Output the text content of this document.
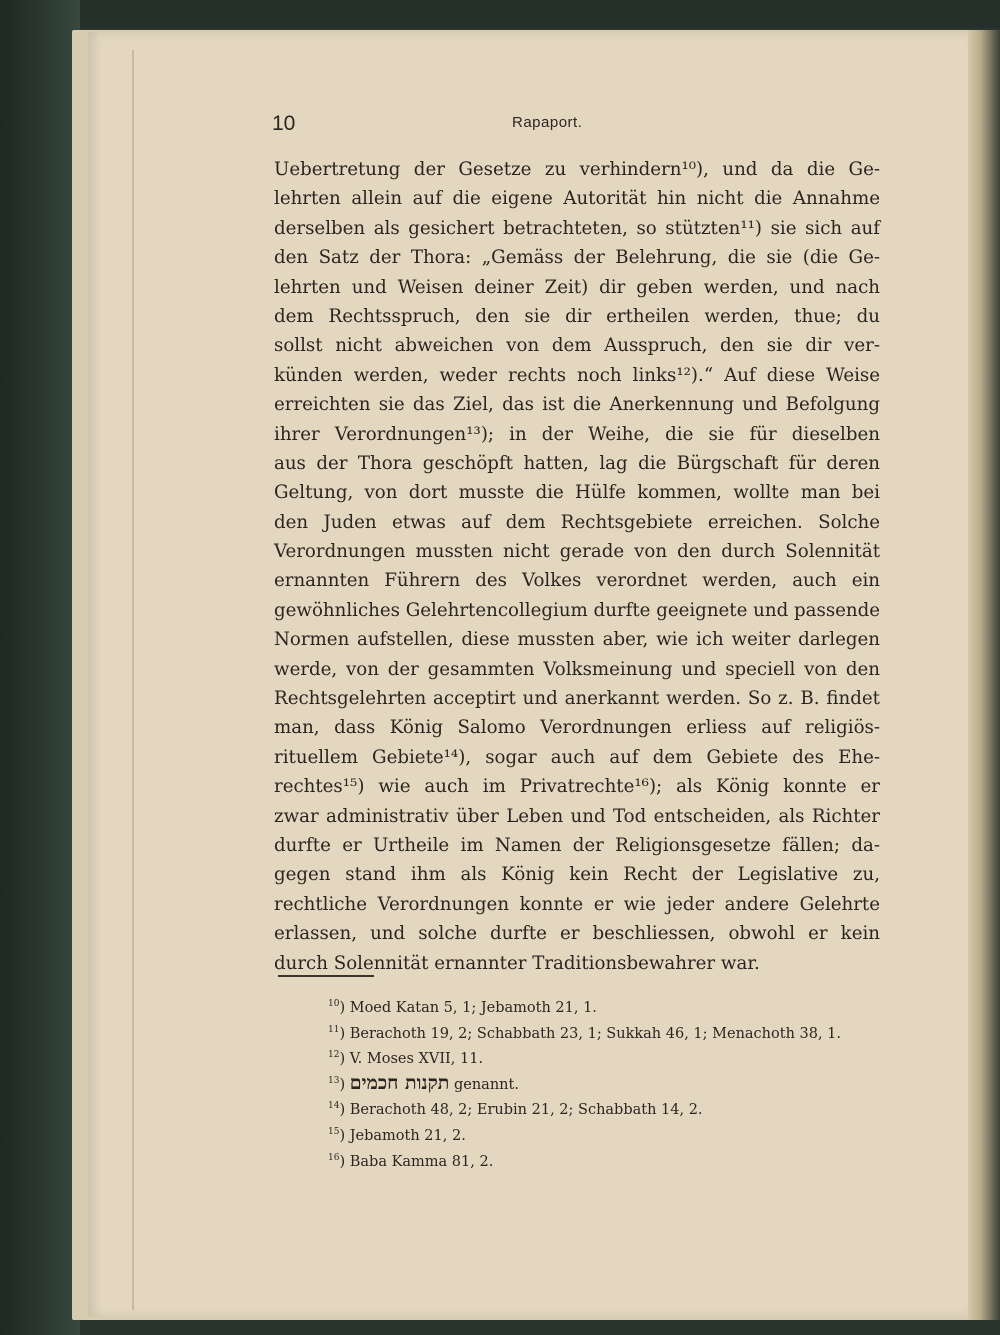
10	Rapaport.
Uebertretung der Gesetze zu verhindern¹⁰), und da die Ge-
lehrten allein auf die eigene Autorität hin nicht die Annahme
derselben als gesichert betrachteten, so stützten¹¹) sie sich auf
den Satz der Thora: „Gemäss der Belehrung, die sie (die Ge-
lehrten und Weisen deiner Zeit) dir geben werden, und nach
dem Rechtsspruch, den sie dir ertheilen werden, thue; du
sollst nicht abweichen von dem Ausspruch, den sie dir ver-
künden werden, weder rechts noch links¹²).“ Auf diese Weise
erreichten sie das Ziel, das ist die Anerkennung und Befolgung
ihrer Verordnungen¹³); in der Weihe, die sie für dieselben
aus der Thora geschöpft hatten, lag die Bürgschaft für deren
Geltung, von dort musste die Hülfe kommen, wollte man bei
den Juden etwas auf dem Rechtsgebiete erreichen. Solche
Verordnungen mussten nicht gerade von den durch Solennität
ernannten Führern des Volkes verordnet werden, auch ein
gewöhnliches Gelehrtencollegium durfte geeignete und passende
Normen aufstellen, diese mussten aber, wie ich weiter darlegen
werde, von der gesammten Volksmeinung und speciell von den
Rechtsgelehrten acceptirt und anerkannt werden. So z. B. findet
man, dass König Salomo Verordnungen erliess auf religiös-
rituellem Gebiete¹⁴), sogar auch auf dem Gebiete des Ehe-
rechtes¹⁵) wie auch im Privatrechte¹⁶); als König konnte er
zwar administrativ über Leben und Tod entscheiden, als Richter
durfte er Urtheile im Namen der Religionsgesetze fällen; da-
gegen stand ihm als König kein Recht der Legislative zu,
rechtliche Verordnungen konnte er wie jeder andere Gelehrte
erlassen, und solche durfte er beschliessen, obwohl er kein
durch Solennität ernannter Traditionsbewahrer war.
$^{10}$) Moed Katan 5, 1; Jebamoth 21, 1.
$^{11}$) Berachoth 19, 2; Schabbath 23, 1; Sukkah 46, 1; Menachoth 38, 1.
$^{12}$) V. Moses XVII, 11.
$^{13}$) תקנות חכמים genannt.
$^{14}$) Berachoth 48, 2; Erubin 21, 2; Schabbath 14, 2.
$^{15}$) Jebamoth 21, 2.
$^{16}$) Baba Kamma 81, 2.
